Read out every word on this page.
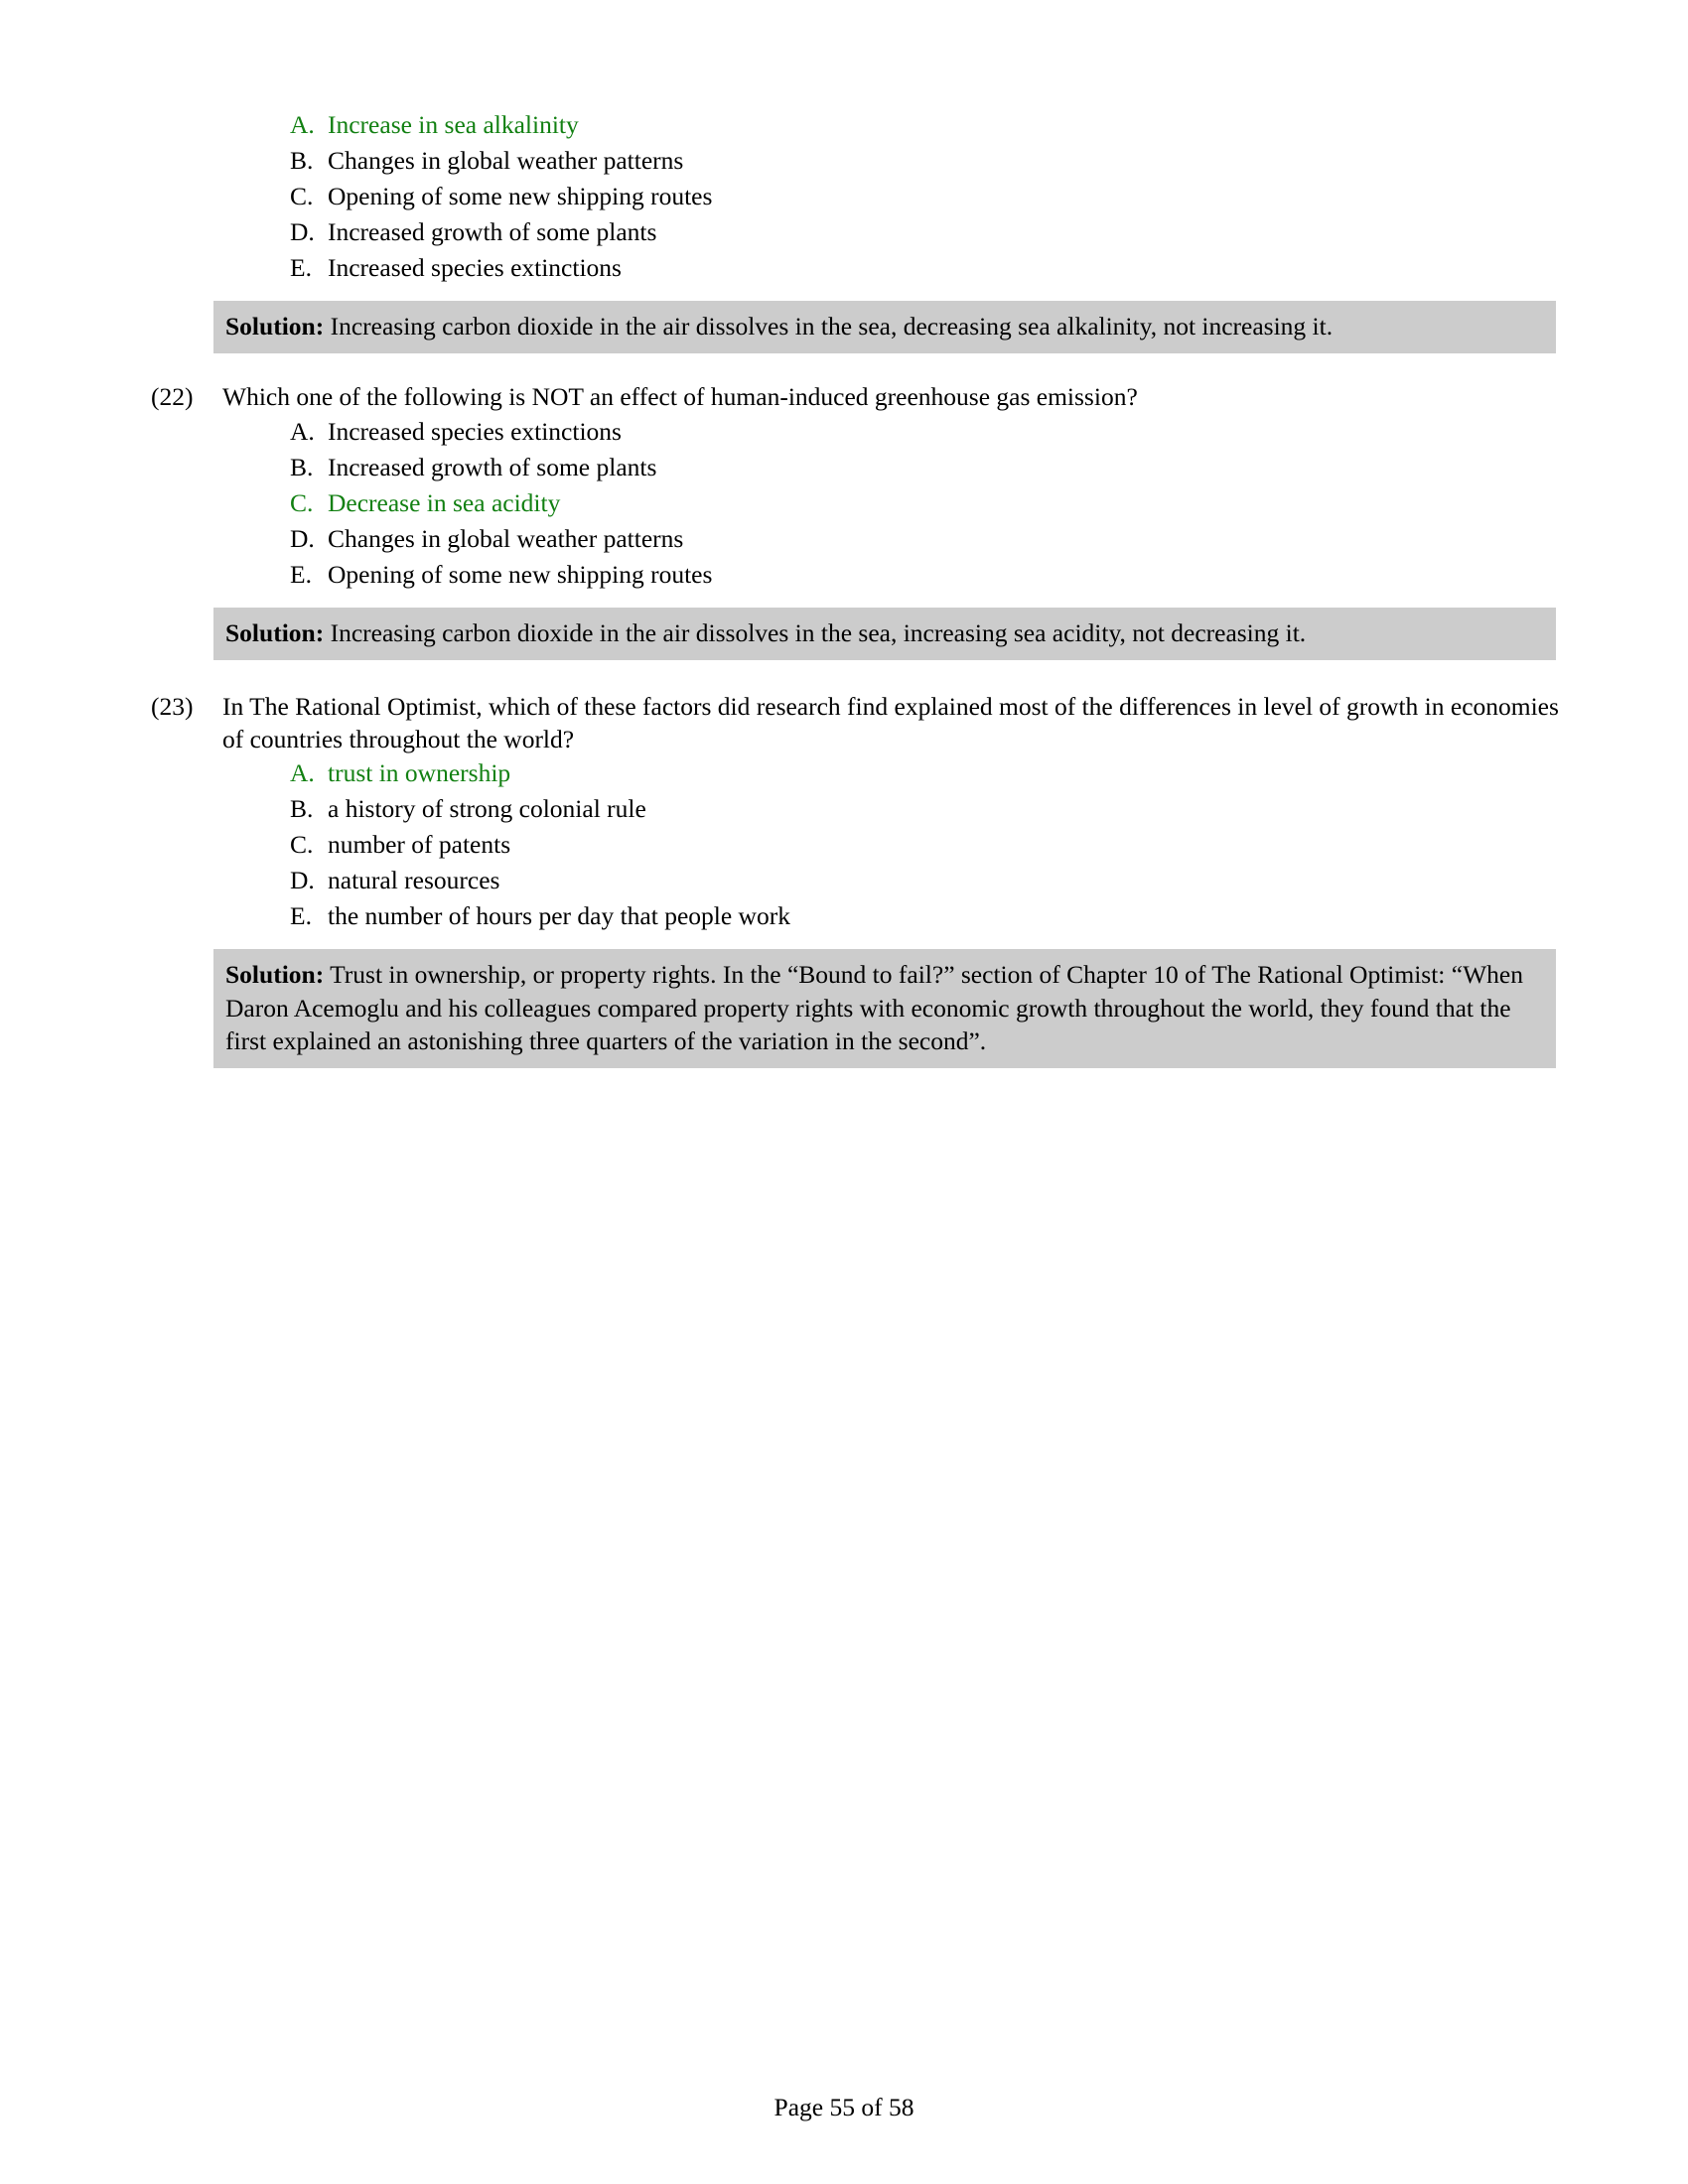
A. Increase in sea alkalinity
B. Changes in global weather patterns
C. Opening of some new shipping routes
D. Increased growth of some plants
E. Increased species extinctions
Solution: Increasing carbon dioxide in the air dissolves in the sea, decreasing sea alkalinity, not increasing it.
(22)	Which one of the following is NOT an effect of human-induced greenhouse gas emission?
A. Increased species extinctions
B. Increased growth of some plants
C. Decrease in sea acidity
D. Changes in global weather patterns
E. Opening of some new shipping routes
Solution: Increasing carbon dioxide in the air dissolves in the sea, increasing sea acidity, not decreasing it.
(23)	In The Rational Optimist, which of these factors did research find explained most of the differences in level of growth in economies of countries throughout the world?
A. trust in ownership
B. a history of strong colonial rule
C. number of patents
D. natural resources
E. the number of hours per day that people work
Solution: Trust in ownership, or property rights. In the “Bound to fail?” section of Chapter 10 of The Rational Optimist: “When Daron Acemoglu and his colleagues compared property rights with economic growth throughout the world, they found that the first explained an astonishing three quarters of the variation in the second”.
Page 55 of 58
